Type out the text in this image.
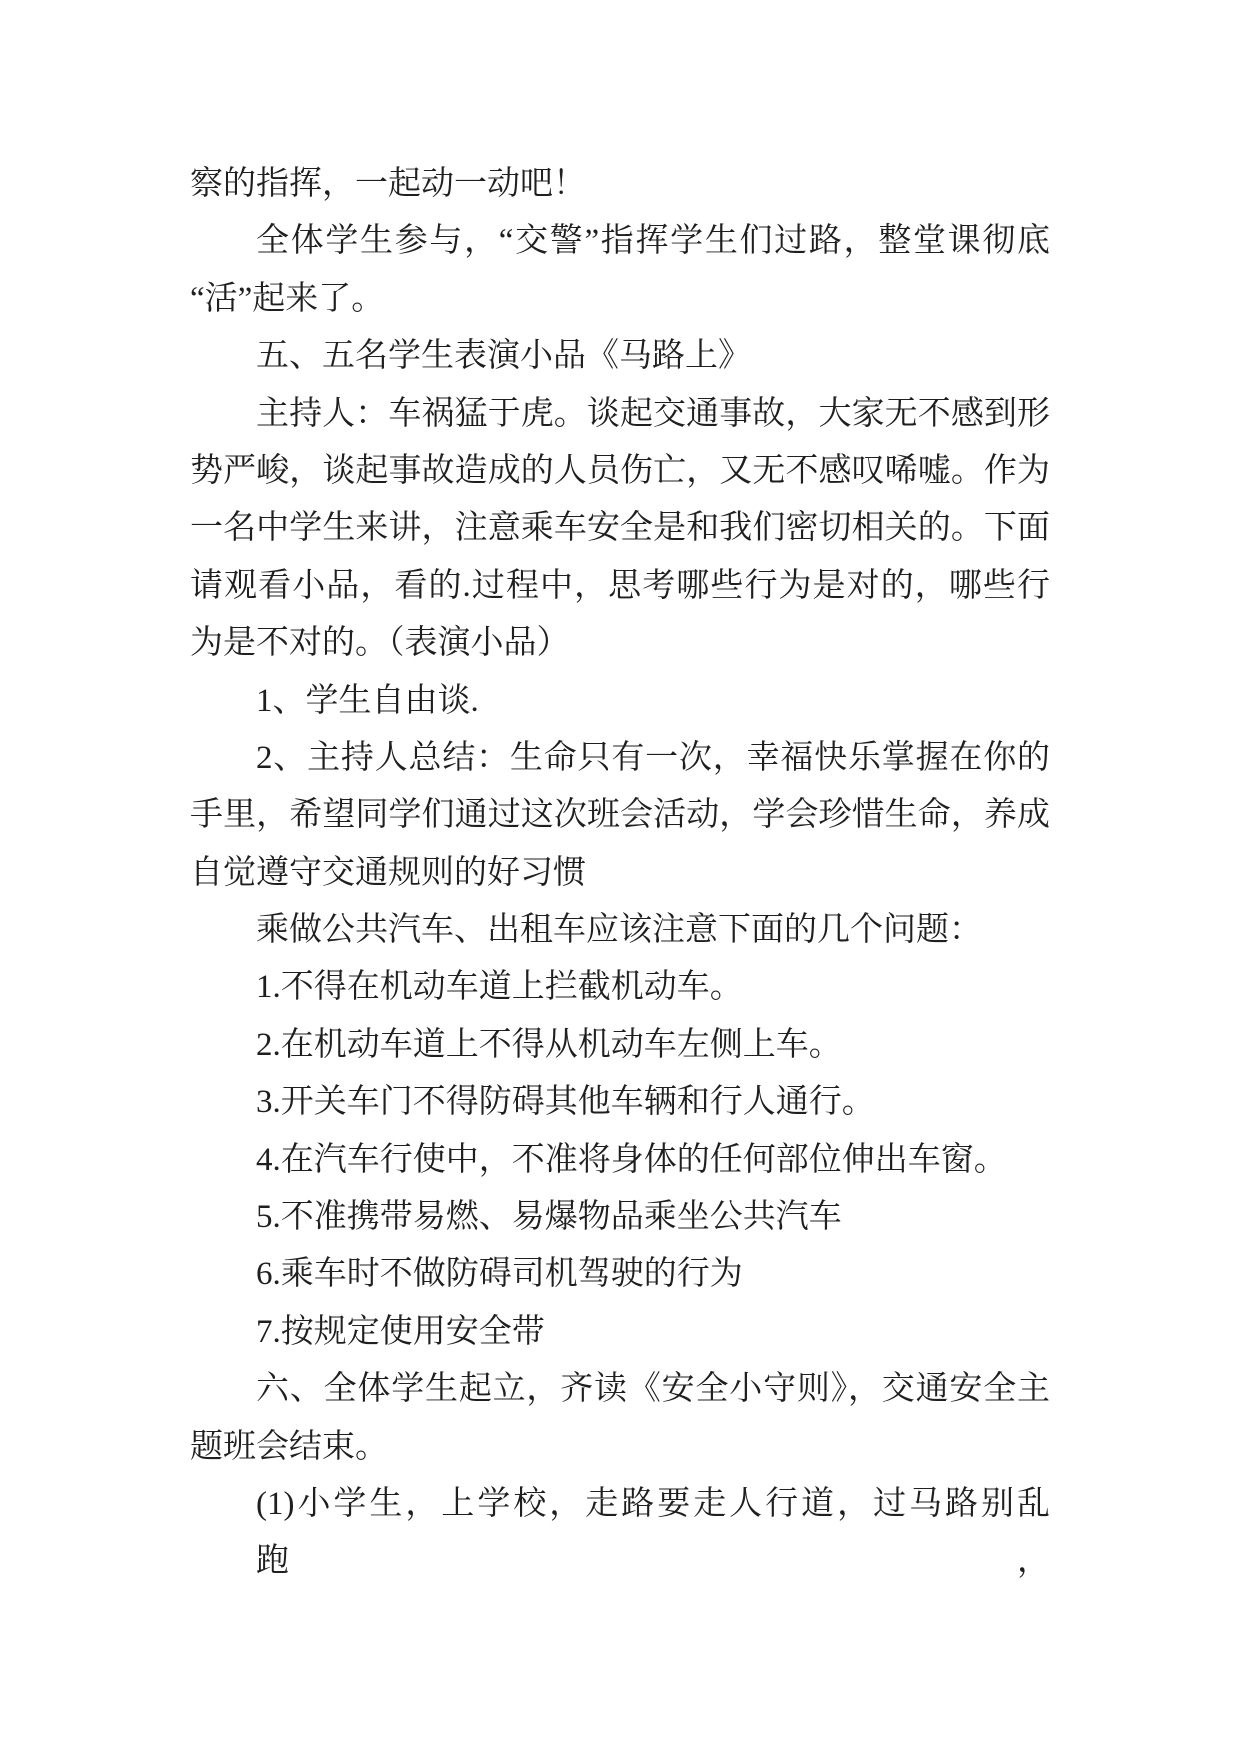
察的指挥，一起动一动吧！
全体学生参与，“交警”指挥学生们过路，整堂课彻底
“活”起来了。
五、五名学生表演小品《马路上》
主持人：车祸猛于虎。谈起交通事故，大家无不感到形
势严峻，谈起事故造成的人员伤亡，又无不感叹唏嘘。作为
一名中学生来讲，注意乘车安全是和我们密切相关的。下面
请观看小品，看的.过程中，思考哪些行为是对的，哪些行
为是不对的。（表演小品）
1、学生自由谈.
2、主持人总结：生命只有一次，幸福快乐掌握在你的
手里，希望同学们通过这次班会活动，学会珍惜生命，养成
自觉遵守交通规则的好习惯
乘做公共汽车、出租车应该注意下面的几个问题：
1.不得在机动车道上拦截机动车。
2.在机动车道上不得从机动车左侧上车。
3.开关车门不得防碍其他车辆和行人通行。
4.在汽车行使中，不准将身体的任何部位伸出车窗。
5.不准携带易燃、易爆物品乘坐公共汽车
6.乘车时不做防碍司机驾驶的行为
7.按规定使用安全带
六、全体学生起立，齐读《安全小守则》，交通安全主
题班会结束。
(1)小学生，上学校，走路要走人行道，过马路别乱跑，
